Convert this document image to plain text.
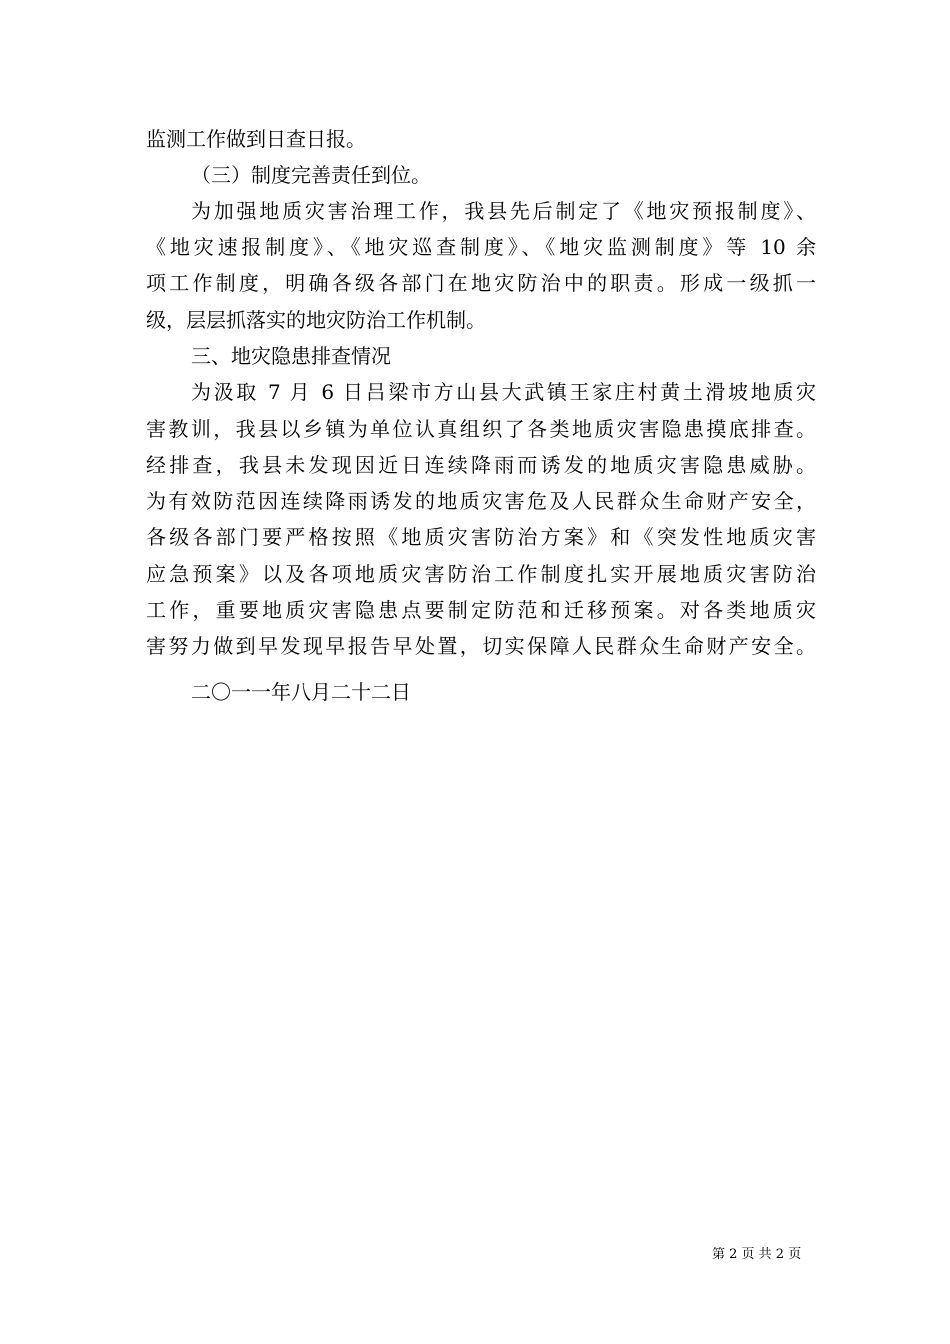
监测工作做到日查日报。
（三）制度完善责任到位。
为加强地质灾害治理工作，我县先后制定了《地灾预报制度》、
《地灾速报制度》、《地灾巡查制度》、《地灾监测制度》等 10 余
项工作制度，明确各级各部门在地灾防治中的职责。形成一级抓一
级，层层抓落实的地灾防治工作机制。
三、地灾隐患排查情况
为汲取 7 月 6 日吕梁市方山县大武镇王家庄村黄土滑坡地质灾
害教训，我县以乡镇为单位认真组织了各类地质灾害隐患摸底排查。
经排查，我县未发现因近日连续降雨而诱发的地质灾害隐患威胁。
为有效防范因连续降雨诱发的地质灾害危及人民群众生命财产安全，
各级各部门要严格按照《地质灾害防治方案》和《突发性地质灾害
应急预案》以及各项地质灾害防治工作制度扎实开展地质灾害防治
工作，重要地质灾害隐患点要制定防范和迁移预案。对各类地质灾
害努力做到早发现早报告早处置，切实保障人民群众生命财产安全。
二〇一一年八月二十二日
第 2 页 共 2 页
